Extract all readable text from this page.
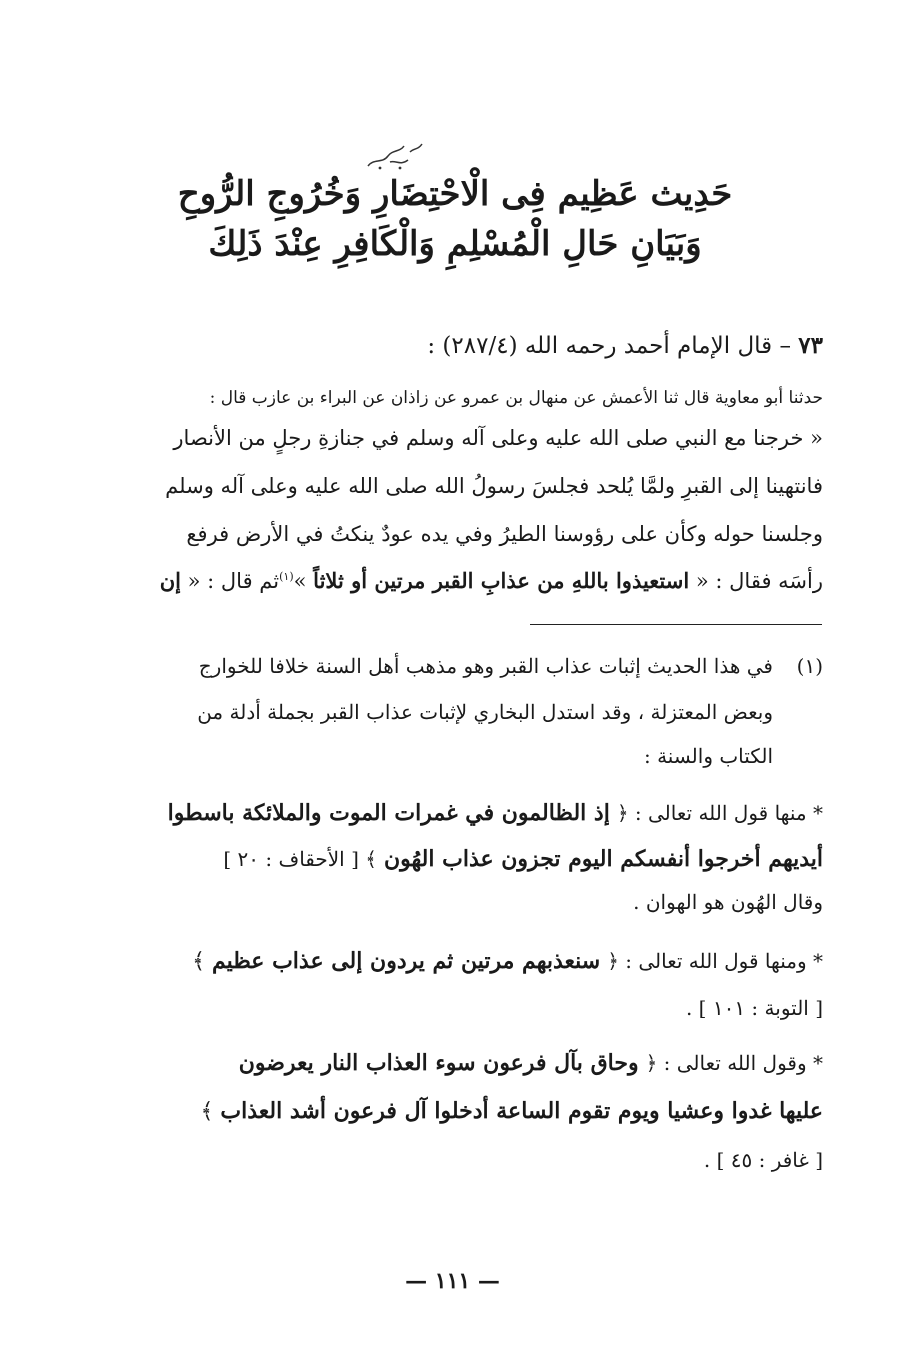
حَدِيث عَظِيم فِى الْاحْتِضَارِ وَخُرُوجِ الرُّوحِ
وَبَيَانِ حَالِ الْمُسْلِمِ وَالْكَافِرِ عِنْدَ ذَلِكَ
٧٣ – قال الإمام أحمد رحمه الله (٢٨٧/٤) :
حدثنا أبو معاوية قال ثنا الأعمش عن منهال بن عمرو عن زاذان عن البراء بن عازب قال :
« خرجنا مع النبي صلى الله عليه وعلى آله وسلم في جنازةِ رجلٍ من الأنصار
فانتهينا إلى القبرِ ولمَّا يُلحد فجلسَ رسولُ الله صلى الله عليه وعلى آله وسلم
وجلسنا حوله وكأن على رؤوسنا الطيرُ وفي يده عودٌ ينكتُ في الأرض فرفع
رأسَه فقال : « استعيذوا باللهِ من عذابِ القبر مرتين أو ثلاثاً »$^{(١)}$ثم قال : « إن
(١)
في هذا الحديث إثبات عذاب القبر وهو مذهب أهل السنة خلافا للخوارج
وبعض المعتزلة ، وقد استدل البخاري لإثبات عذاب القبر بجملة أدلة من
الكتاب والسنة :
* منها قول الله تعالى : ﴿ إذ الظالمون في غمرات الموت والملائكة باسطوا
أيديهم أخرجوا أنفسكم اليوم تجزون عذاب الهُون ﴾ [ الأحقاف : ٢٠ ]
وقال الهُون هو الهوان .
* ومنها قول الله تعالى : ﴿ سنعذبهم مرتين ثم يردون إلى عذاب عظيم ﴾
[ التوبة : ١٠١ ] .
* وقول الله تعالى : ﴿ وحاق بآل فرعون سوء العذاب النار يعرضون
عليها غدوا وعشيا ويوم تقوم الساعة أدخلوا آل فرعون أشد العذاب ﴾
[ غافر : ٤٥ ] .
— ١١١ —
